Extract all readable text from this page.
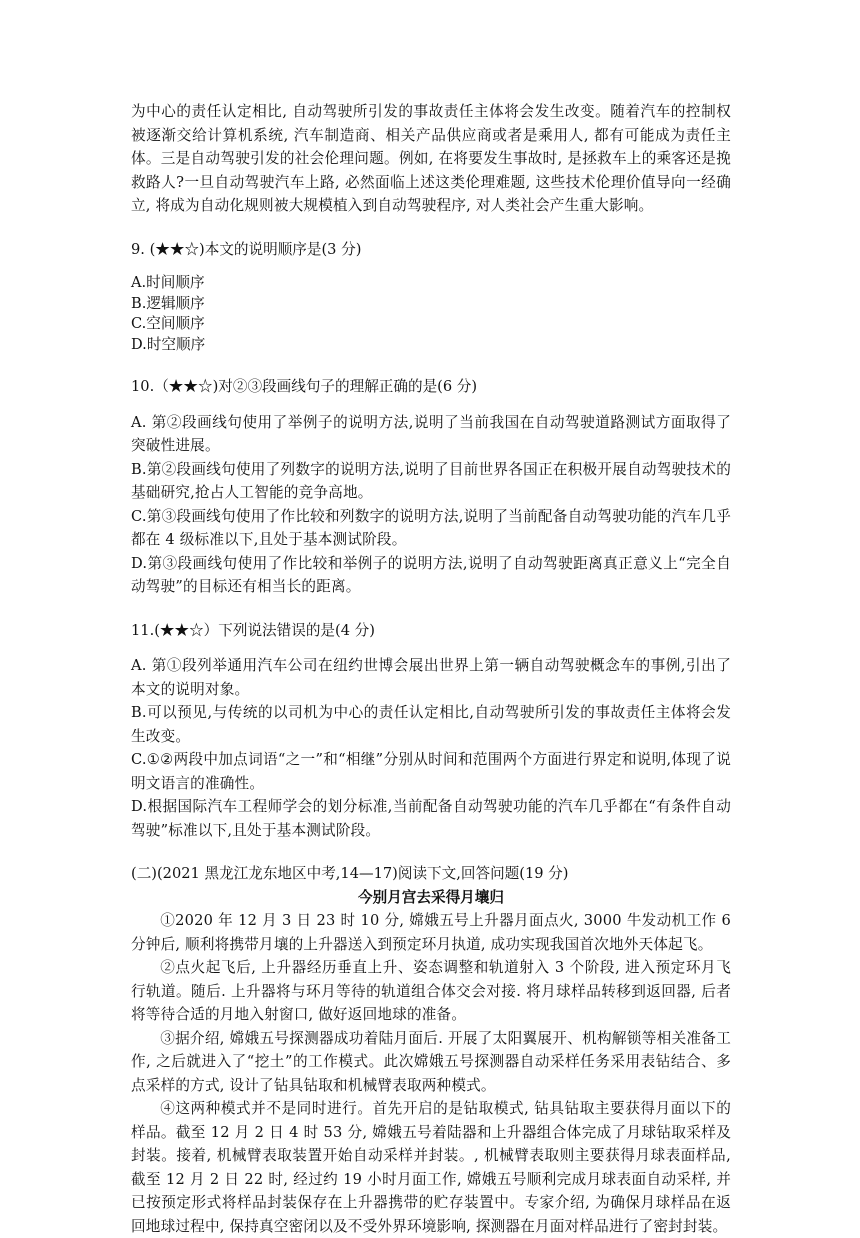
为中心的责任认定相比, 自动驾驶所引发的事故责任主体将会发生改变。随着汽车的控制权被逐渐交给计算机系统, 汽车制造商、相关产品供应商或者是乘用人, 都有可能成为责任主体。三是自动驾驶引发的社会伦理问题。例如, 在将要发生事故时, 是拯救车上的乘客还是挽救路人?一旦自动驾驶汽车上路, 必然面临上述这类伦理难题, 这些技术伦理价值导向一经确立, 将成为自动化规则被大规模植入到自动驾驶程序, 对人类社会产生重大影响。

9. (★★☆)本文的说明顺序是(3 分)

A.时间顺序

B.逻辑顺序

C.空间顺序

D.时空顺序

10.（★★☆)对②③段画线句子的理解正确的是(6 分)

A. 第②段画线句使用了举例子的说明方法,说明了当前我国在自动驾驶道路测试方面取得了突破性进展。

B.第②段画线句使用了列数字的说明方法,说明了目前世界各国正在积极开展自动驾驶技术的基础研究,抢占人工智能的竞争高地。

C.第③段画线句使用了作比较和列数字的说明方法,说明了当前配备自动驾驶功能的汽车几乎都在 4 级标准以下,且处于基本测试阶段。

D.第③段画线句使用了作比较和举例子的说明方法,说明了自动驾驶距离真正意义上“完全自动驾驶”的目标还有相当长的距离。

11.(★★☆）下列说法错误的是(4 分)

A. 第①段列举通用汽车公司在纽约世博会展出世界上第一辆自动驾驶概念车的事例,引出了本文的说明对象。

B.可以预见,与传统的以司机为中心的责任认定相比,自动驾驶所引发的事故责任主体将会发生改变。

C.①②两段中加点词语“之一”和“相继”分别从时间和范围两个方面进行界定和说明,体现了说明文语言的准确性。

D.根据国际汽车工程师学会的划分标准,当前配备自动驾驶功能的汽车几乎都在“有条件自动驾驶”标准以下,且处于基本测试阶段。

(二)(2021 黑龙江龙东地区中考,14—17)阅读下文,回答问题(19 分)

今别月宫去采得月壤归

①2020 年 12 月 3 日 23 时 10 分, 嫦娥五号上升器月面点火, 3000 牛发动机工作 6 分钟后, 顺利将携带月壤的上升器送入到预定环月执道, 成功实现我国首次地外天体起飞。

②点火起飞后, 上升器经历垂直上升、姿态调整和轨道射入 3 个阶段, 进入预定环月飞行轨道。随后. 上升器将与环月等待的轨道组合体交会对接. 将月球样品转移到返回器, 后者将等待合适的月地入射窗口, 做好返回地球的准备。

③据介绍, 嫦娥五号探测器成功着陆月面后. 开展了太阳翼展开、机构解锁等相关准备工作, 之后就进入了“挖土”的工作模式。此次嫦娥五号探测器自动采样任务采用表钻结合、多点采样的方式, 设计了钻具钻取和机械臂表取两种模式。

④这两种模式并不是同时进行。首先开启的是钻取模式, 钻具钻取主要获得月面以下的样品。截至 12 月 2 日 4 时 53 分, 嫦娥五号着陆器和上升器组合体完成了月球钻取采样及封装。接着, 机械臂表取装置开始自动采样并封装。, 机械臂表取则主要获得月球表面样品, 截至 12 月 2 日 22 时, 经过约 19 小时月面工作, 嫦娥五号顺利完成月球表面自动采样, 并已按预定形式将样品封装保存在上升器携带的贮存装置中。专家介绍, 为确保月球样品在返回地球过程中, 保持真空密闭以及不受外界环境影响, 探测器在月面对样品进行了密封封装。
